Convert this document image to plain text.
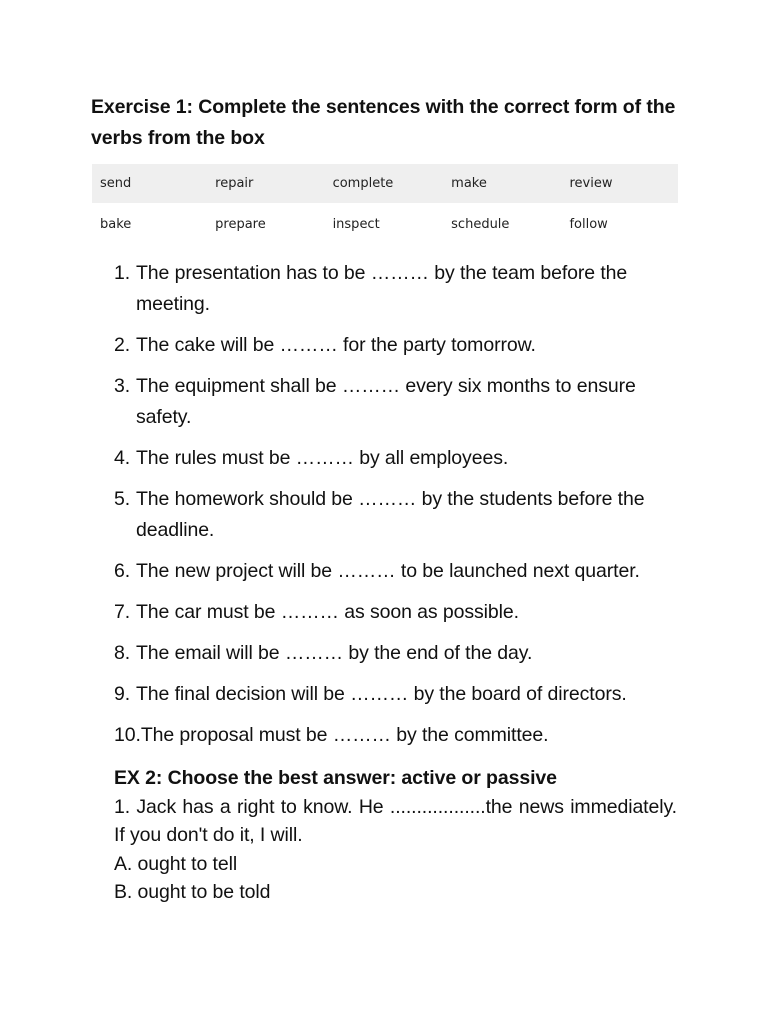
Exercise 1: Complete the sentences with the correct form of the verbs from the box
send	repair	complete	make	review
bake	prepare	inspect	schedule	follow
1. The presentation has to be ……… by the team before the meeting.
2. The cake will be ……… for the party tomorrow.
3. The equipment shall be ……… every six months to ensure safety.
4. The rules must be ……… by all employees.
5. The homework should be ……… by the students before the deadline.
6. The new project will be ……… to be launched next quarter.
7. The car must be ……… as soon as possible.
8. The email will be ……… by the end of the day.
9. The final decision will be ……… by the board of directors.
10.The proposal must be ……… by the committee.
EX 2: Choose the best answer: active or passive
1. Jack has a right to know. He ..................the news immediately. If you don't do it, I will.
A. ought to tell
B. ought to be told
